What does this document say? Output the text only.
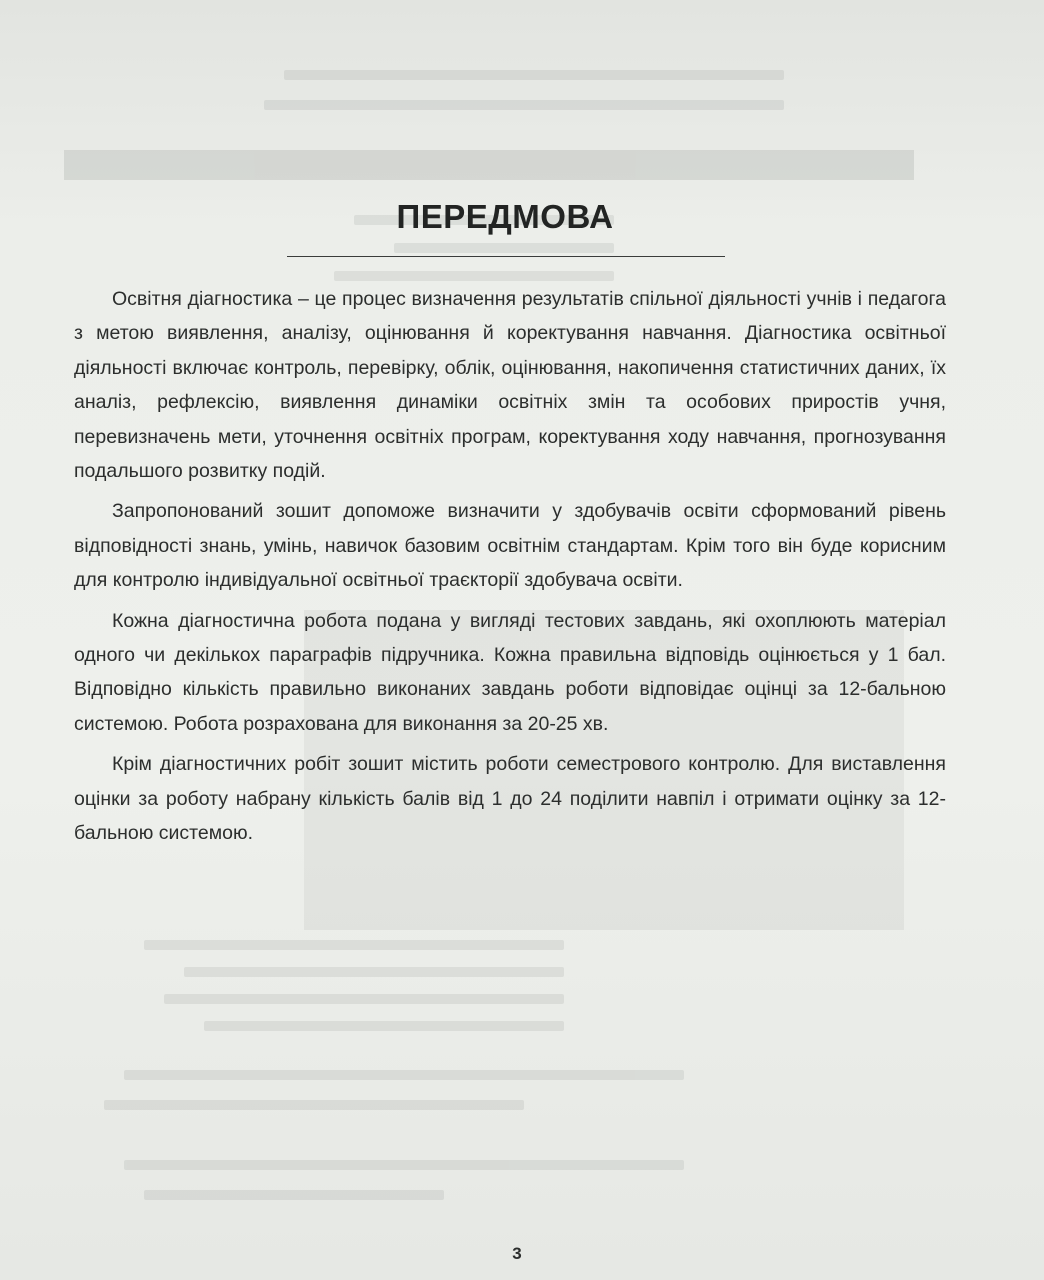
ПЕРЕДМОВА

Освітня діагностика – це процес визначення результатів спільної діяльності учнів і педагога з метою виявлення, аналізу, оцінювання й коректування навчання. Діагностика освітньої діяльності включає контроль, перевірку, облік, оцінювання, накопичення статистичних даних, їх аналіз, рефлексію, виявлення динаміки освітніх змін та особових приростів учня, перевизначень мети, уточнення освітніх програм, коректування ходу навчання, прогнозування подальшого розвитку подій.

Запропонований зошит допоможе визначити у здобувачів освіти сформований рівень відповідності знань, умінь, навичок базовим освітнім стандартам. Крім того він буде корисним для контролю індивідуальної освітньої траєкторії здобувача освіти.

Кожна діагностична робота подана у вигляді тестових завдань, які охоплюють матеріал одного чи декількох параграфів підручника. Кожна правильна відповідь оцінюється у 1 бал. Відповідно кількість правильно виконаних завдань роботи відповідає оцінці за 12-бальною системою. Робота розрахована для виконання за 20-25 хв.

Крім діагностичних робіт зошит містить роботи семестрового контролю. Для виставлення оцінки за роботу набрану кількість балів від 1 до 24 поділити навпіл і отримати оцінку за 12-бальною системою.

3
